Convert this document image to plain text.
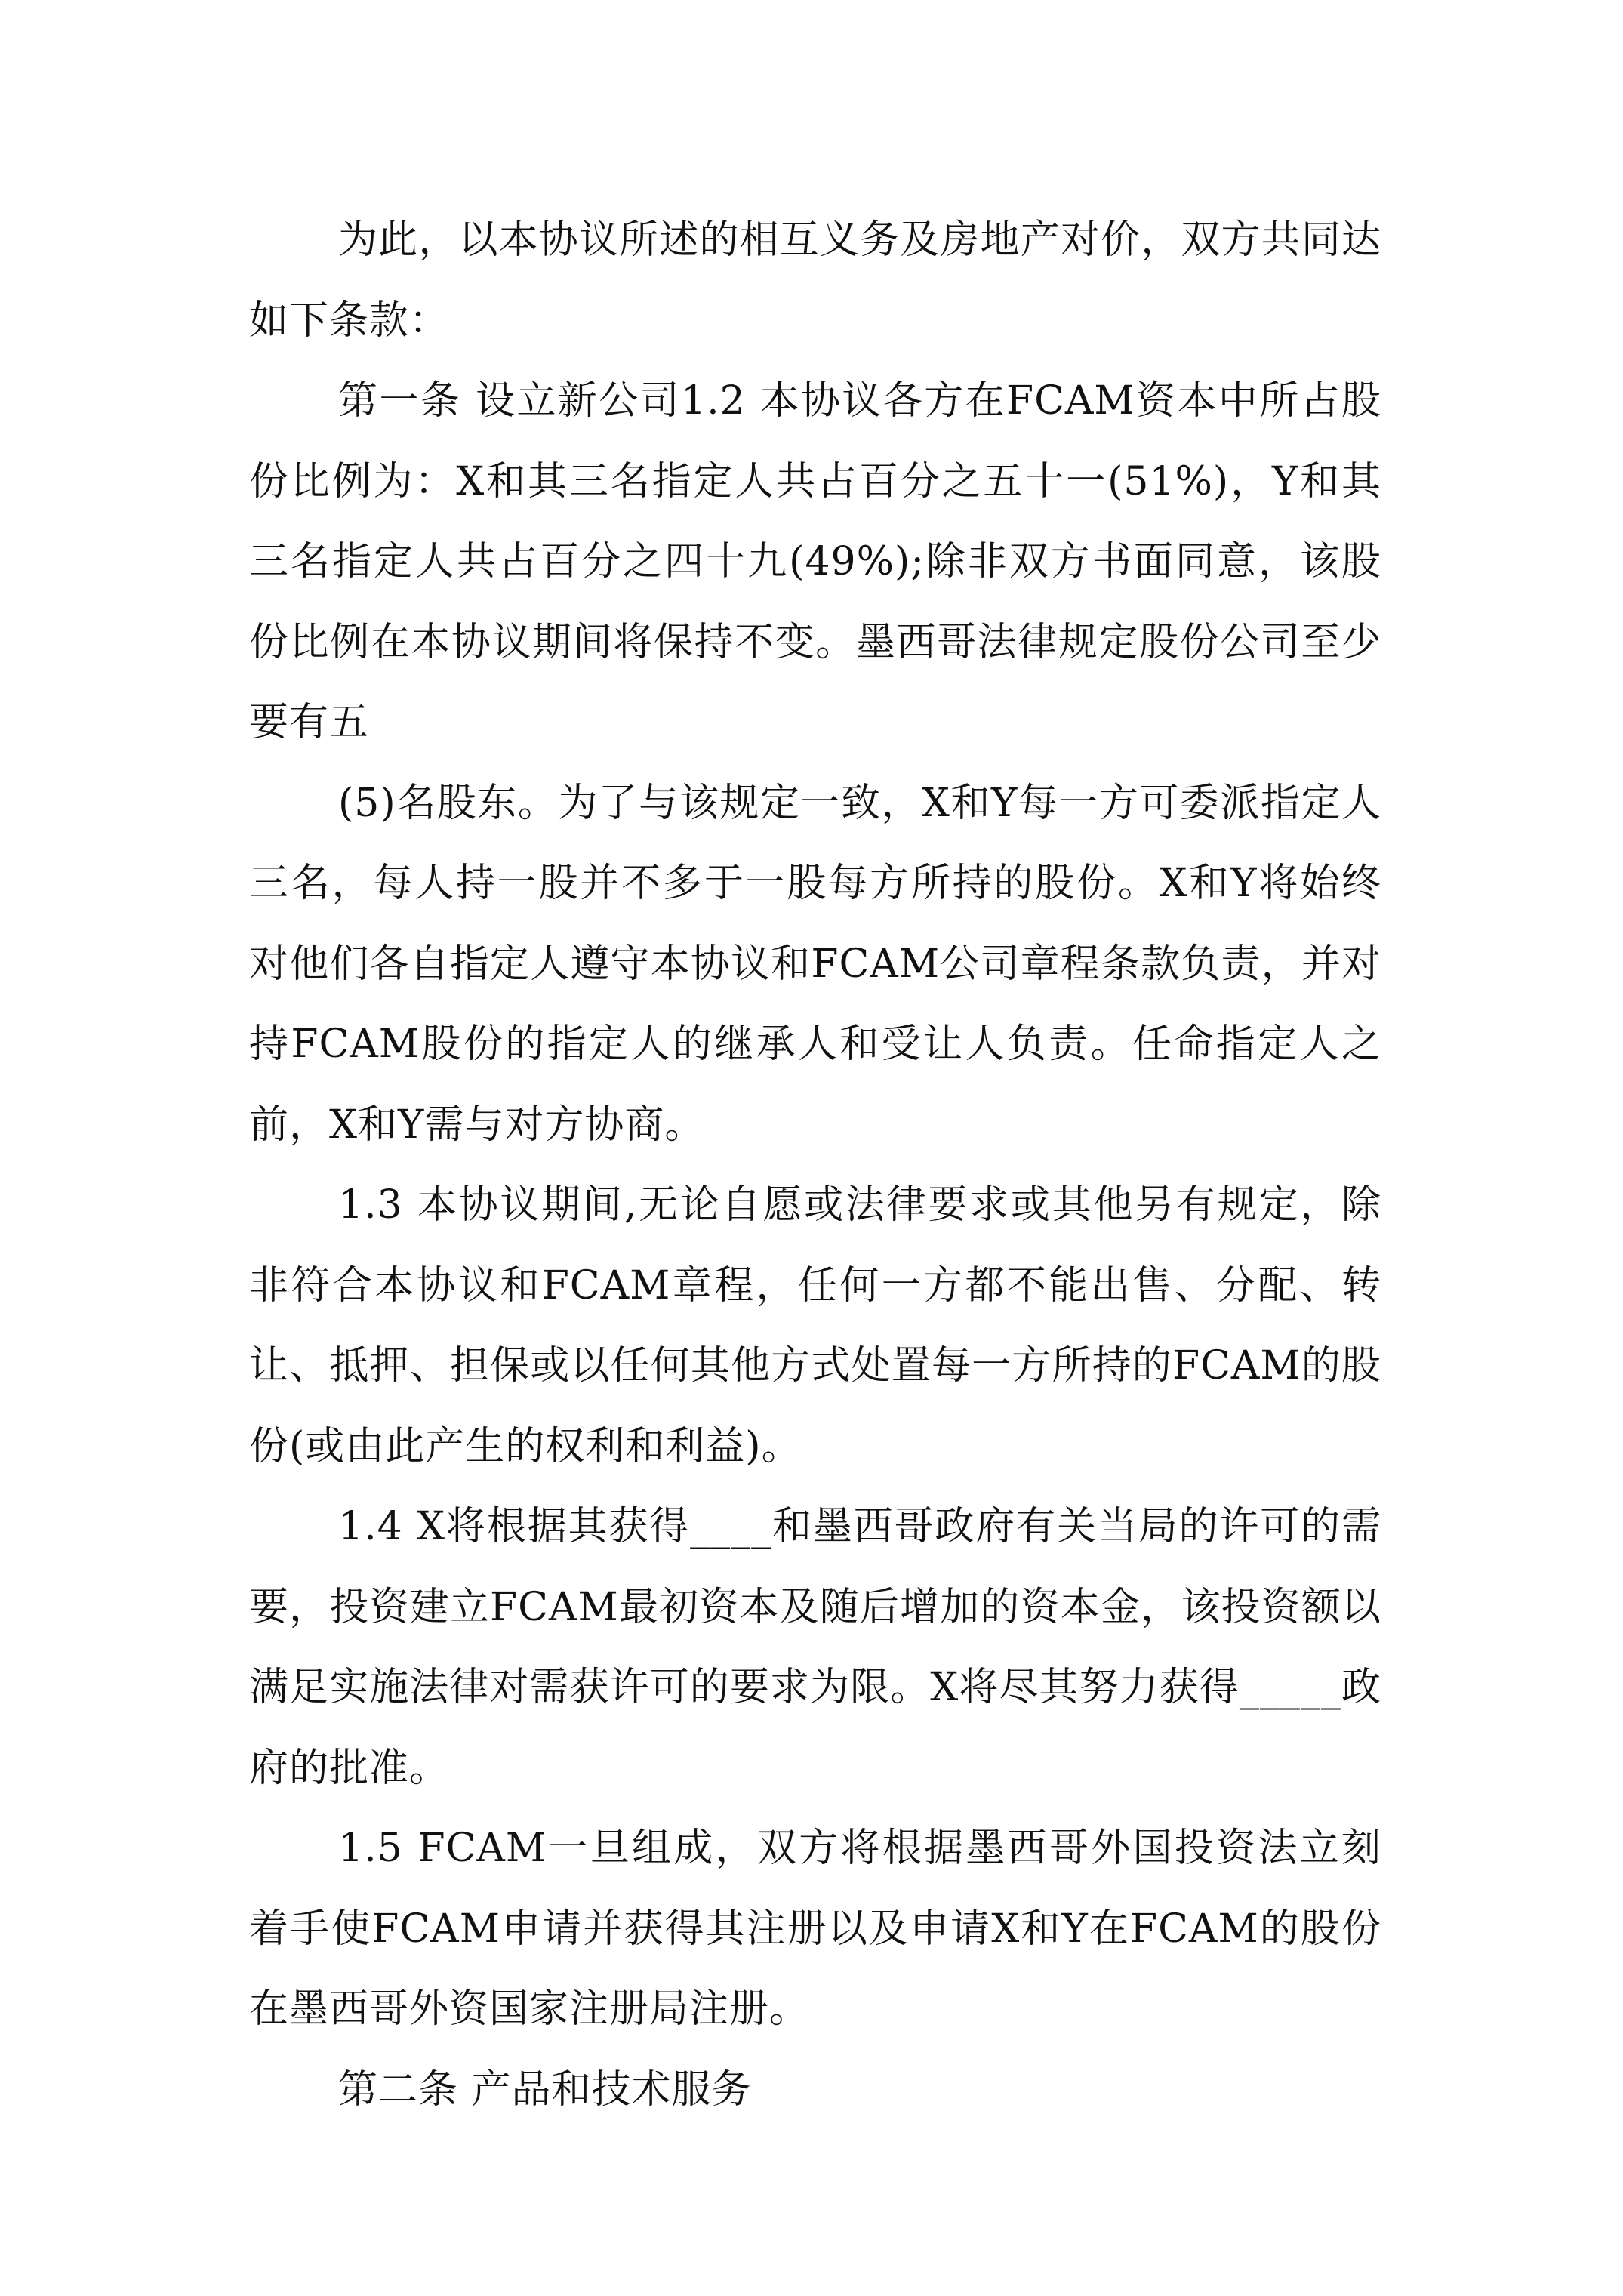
为此，以本协议所述的相互义务及房地产对价，双方共同达如下条款：

第一条 设立新公司1.2 本协议各方在FCAM资本中所占股份比例为：X和其三名指定人共占百分之五十一(51%)，Y和其三名指定人共占百分之四十九(49%);除非双方书面同意，该股份比例在本协议期间将保持不变。墨西哥法律规定股份公司至少要有五

(5)名股东。为了与该规定一致，X和Y每一方可委派指定人三名，每人持一股并不多于一股每方所持的股份。X和Y将始终对他们各自指定人遵守本协议和FCAM公司章程条款负责，并对持FCAM股份的指定人的继承人和受让人负责。任命指定人之前，X和Y需与对方协商。

1.3 本协议期间,无论自愿或法律要求或其他另有规定，除非符合本协议和FCAM章程，任何一方都不能出售、分配、转让、抵押、担保或以任何其他方式处置每一方所持的FCAM的股份(或由此产生的权利和利益)。

1.4 X将根据其获得____和墨西哥政府有关当局的许可的需要，投资建立FCAM最初资本及随后增加的资本金，该投资额以满足实施法律对需获许可的要求为限。X将尽其努力获得_____政府的批准。

1.5 FCAM一旦组成，双方将根据墨西哥外国投资法立刻着手使FCAM申请并获得其注册以及申请X和Y在FCAM的股份在墨西哥外资国家注册局注册。

第二条 产品和技术服务
